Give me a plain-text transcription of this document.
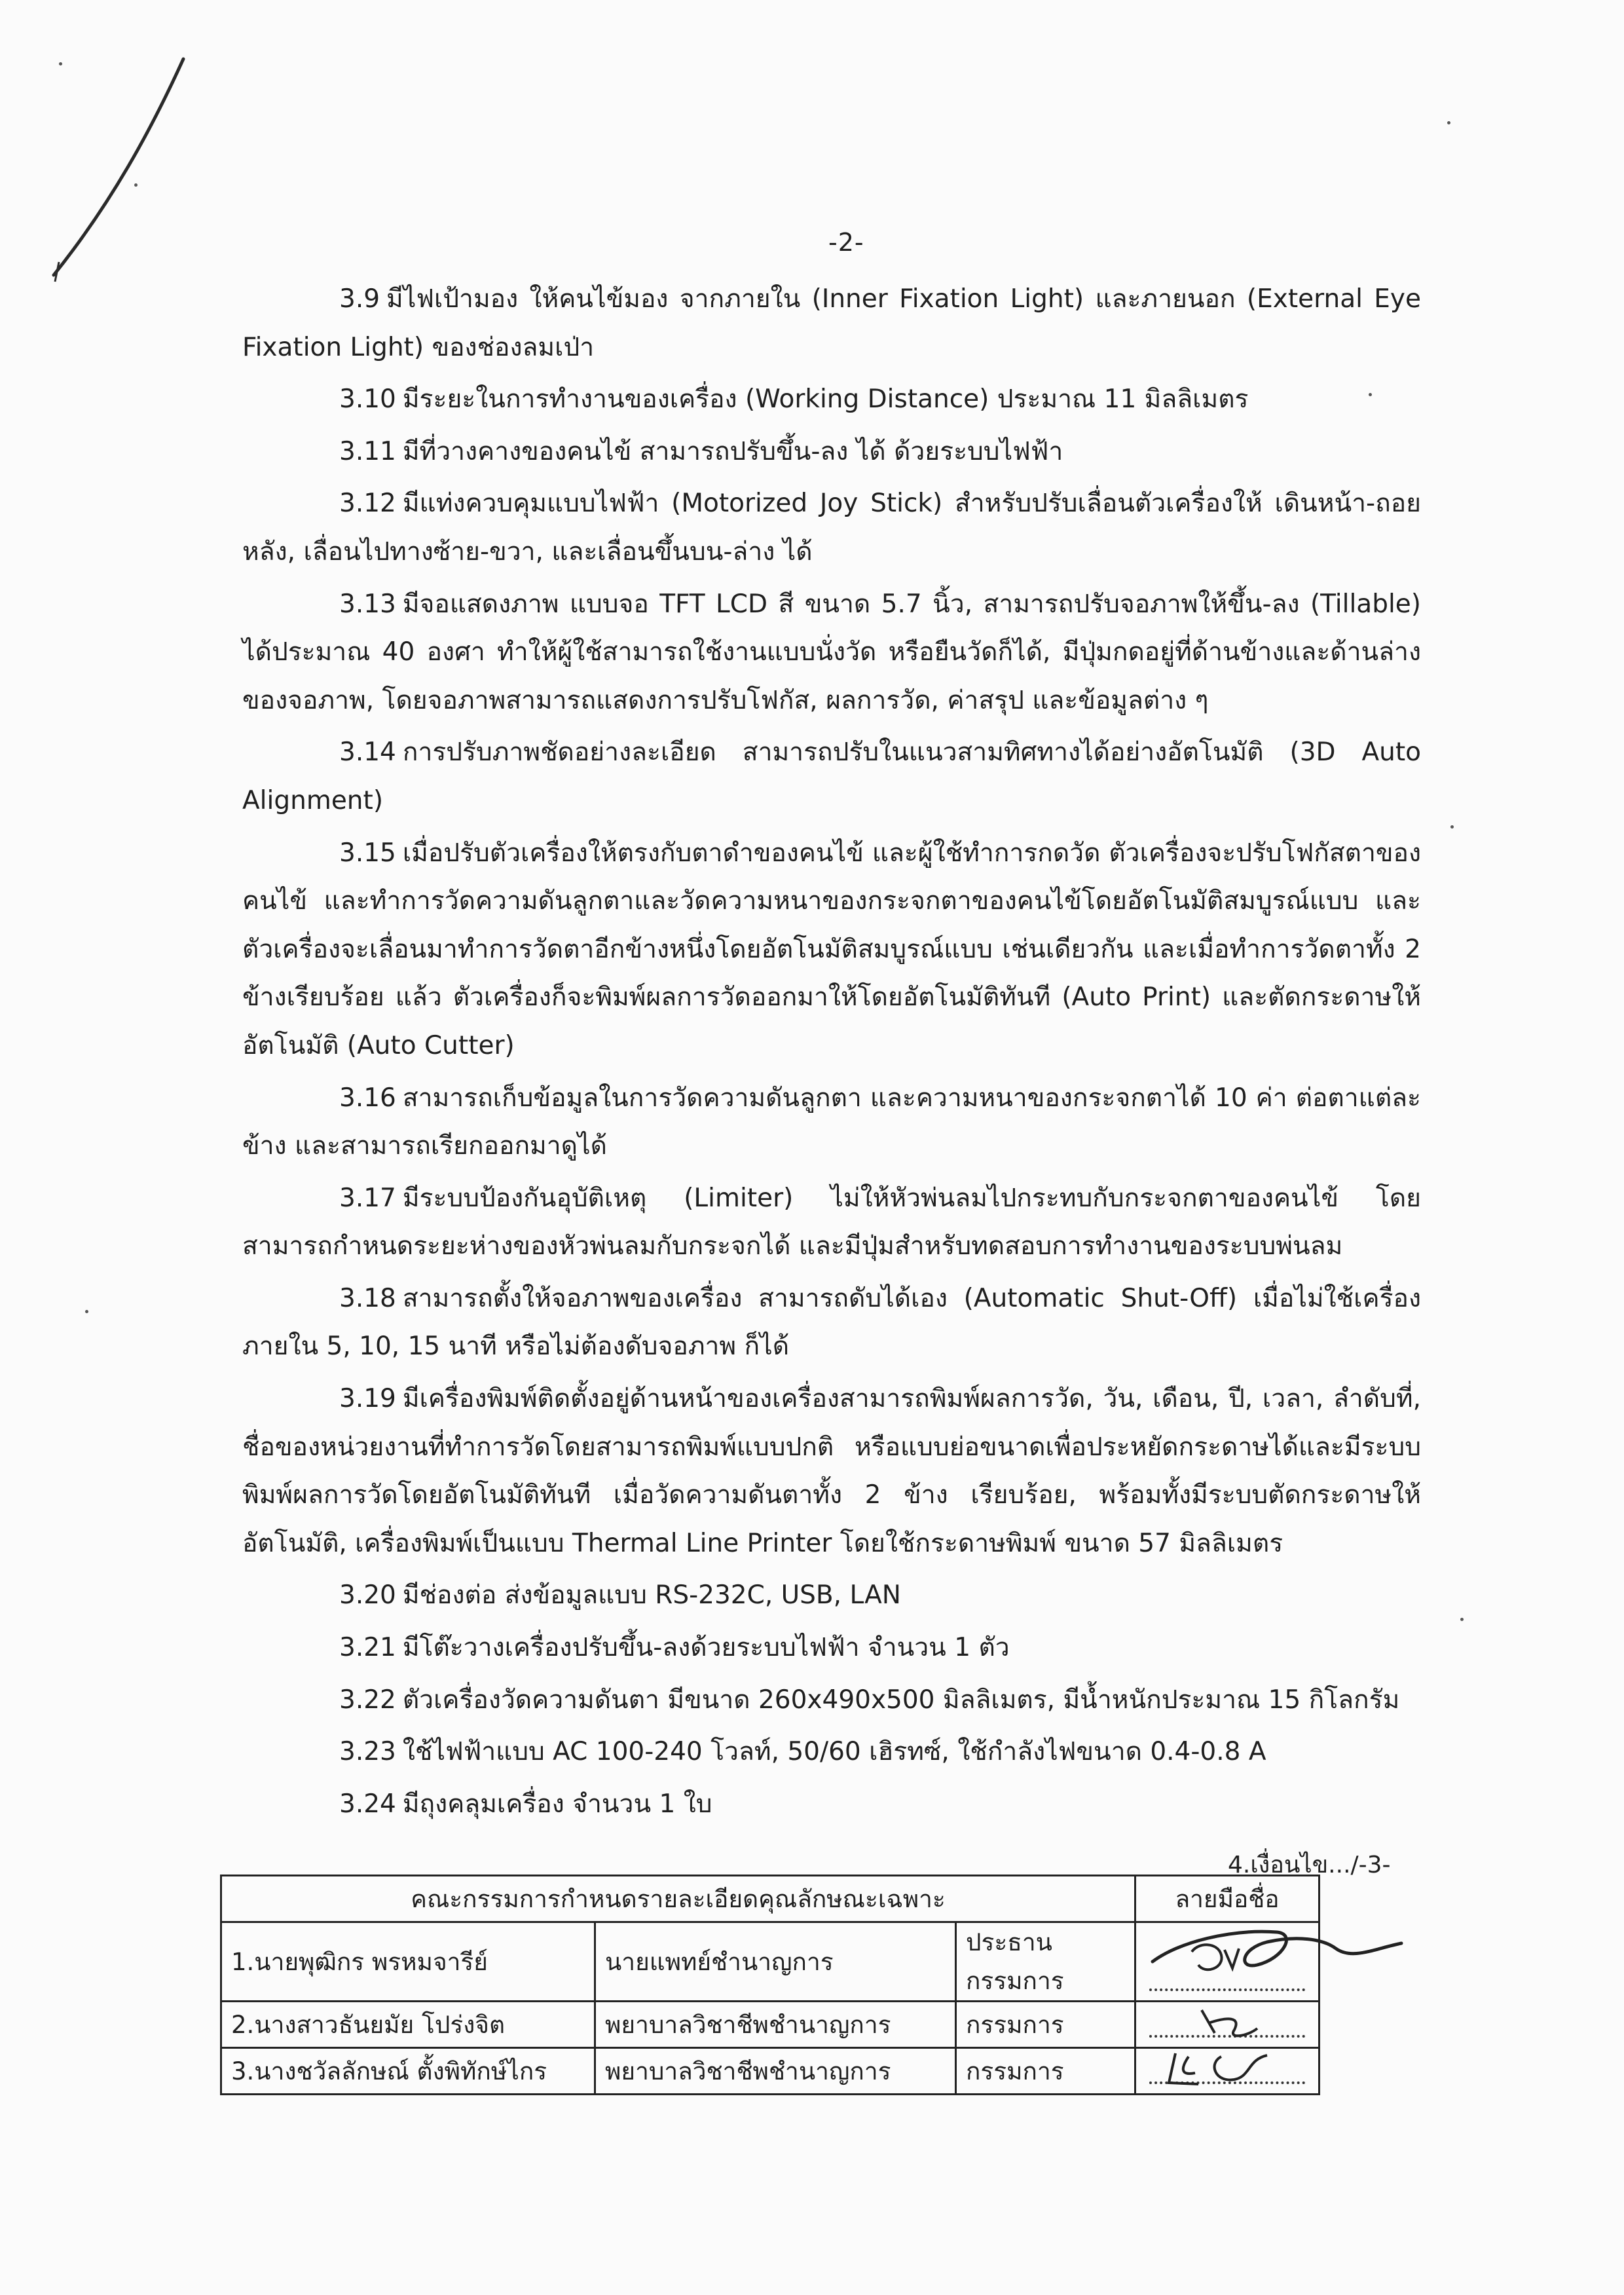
-2-

3.9 มีไฟเป้ามอง ให้คนไข้มอง จากภายใน (Inner Fixation Light) และภายนอก (External Eye Fixation Light) ของช่องลมเป่า

3.10 มีระยะในการทำงานของเครื่อง (Working Distance) ประมาณ 11 มิลลิเมตร

3.11 มีที่วางคางของคนไข้ สามารถปรับขึ้น-ลง ได้ ด้วยระบบไฟฟ้า

3.12 มีแท่งควบคุมแบบไฟฟ้า (Motorized Joy Stick) สำหรับปรับเลื่อนตัวเครื่องให้ เดินหน้า-ถอยหลัง, เลื่อนไปทางซ้าย-ขวา, และเลื่อนขึ้นบน-ล่าง ได้

3.13 มีจอแสดงภาพ แบบจอ TFT LCD สี ขนาด 5.7 นิ้ว, สามารถปรับจอภาพให้ขึ้น-ลง (Tillable) ได้ประมาณ 40 องศา ทำให้ผู้ใช้สามารถใช้งานแบบนั่งวัด หรือยืนวัดก็ได้, มีปุ่มกดอยู่ที่ด้านข้างและด้านล่างของจอภาพ, โดยจอภาพสามารถแสดงการปรับโฟกัส, ผลการวัด, ค่าสรุป และข้อมูลต่าง ๆ

3.14 การปรับภาพชัดอย่างละเอียด สามารถปรับในแนวสามทิศทางได้อย่างอัตโนมัติ (3D Auto Alignment)

3.15 เมื่อปรับตัวเครื่องให้ตรงกับตาดำของคนไข้ และผู้ใช้ทำการกดวัด ตัวเครื่องจะปรับโฟกัสตาของคนไข้ และทำการวัดความดันลูกตาและวัดความหนาของกระจกตาของคนไข้โดยอัตโนมัติสมบูรณ์แบบ และตัวเครื่องจะเลื่อนมาทำการวัดตาอีกข้างหนึ่งโดยอัตโนมัติสมบูรณ์แบบ เช่นเดียวกัน และเมื่อทำการวัดตาทั้ง 2 ข้างเรียบร้อย แล้ว ตัวเครื่องก็จะพิมพ์ผลการวัดออกมาให้โดยอัตโนมัติทันที (Auto Print) และตัดกระดาษให้อัตโนมัติ (Auto Cutter)

3.16 สามารถเก็บข้อมูลในการวัดความดันลูกตา และความหนาของกระจกตาได้ 10 ค่า ต่อตาแต่ละข้าง และสามารถเรียกออกมาดูได้

3.17 มีระบบป้องกันอุบัติเหตุ (Limiter) ไม่ให้หัวพ่นลมไปกระทบกับกระจกตาของคนไข้ โดยสามารถกำหนดระยะห่างของหัวพ่นลมกับกระจกได้ และมีปุ่มสำหรับทดสอบการทำงานของระบบพ่นลม

3.18 สามารถตั้งให้จอภาพของเครื่อง สามารถดับได้เอง (Automatic Shut-Off) เมื่อไม่ใช้เครื่องภายใน 5, 10, 15 นาที หรือไม่ต้องดับจอภาพ ก็ได้

3.19 มีเครื่องพิมพ์ติดตั้งอยู่ด้านหน้าของเครื่องสามารถพิมพ์ผลการวัด, วัน, เดือน, ปี, เวลา, ลำดับที่, ชื่อของหน่วยงานที่ทำการวัดโดยสามารถพิมพ์แบบปกติ หรือแบบย่อขนาดเพื่อประหยัดกระดาษได้และมีระบบพิมพ์ผลการวัดโดยอัตโนมัติทันที เมื่อวัดความดันตาทั้ง 2 ข้าง เรียบร้อย, พร้อมทั้งมีระบบตัดกระดาษให้อัตโนมัติ, เครื่องพิมพ์เป็นแบบ Thermal Line Printer โดยใช้กระดาษพิมพ์ ขนาด 57 มิลลิเมตร

3.20 มีช่องต่อ ส่งข้อมูลแบบ RS-232C, USB, LAN

3.21 มีโต๊ะวางเครื่องปรับขึ้น-ลงด้วยระบบไฟฟ้า จำนวน 1 ตัว

3.22 ตัวเครื่องวัดความดันตา มีขนาด 260x490x500 มิลลิเมตร, มีน้ำหนักประมาณ 15 กิโลกรัม

3.23 ใช้ไฟฟ้าแบบ AC 100-240 โวลท์, 50/60 เฮิรทซ์, ใช้กำลังไฟขนาด 0.4-0.8 A

3.24 มีถุงคลุมเครื่อง จำนวน 1 ใบ

4.เงื่อนไข.../-3-
คณะกรรมการกำหนดรายละเอียดคุณลักษณะเฉพาะ			ลายมือชื่อ
1.นายพุฒิกร พรหมจารีย์	นายแพทย์ชำนาญการ	ประธานกรรมการ	

2.นางสาวธันยมัย โปร่งจิต	พยาบาลวิชาชีพชำนาญการ	กรรมการ	

3.นางชวัลลักษณ์ ตั้งพิทักษ์ไกร	พยาบาลวิชาชีพชำนาญการ	กรรมการ	
